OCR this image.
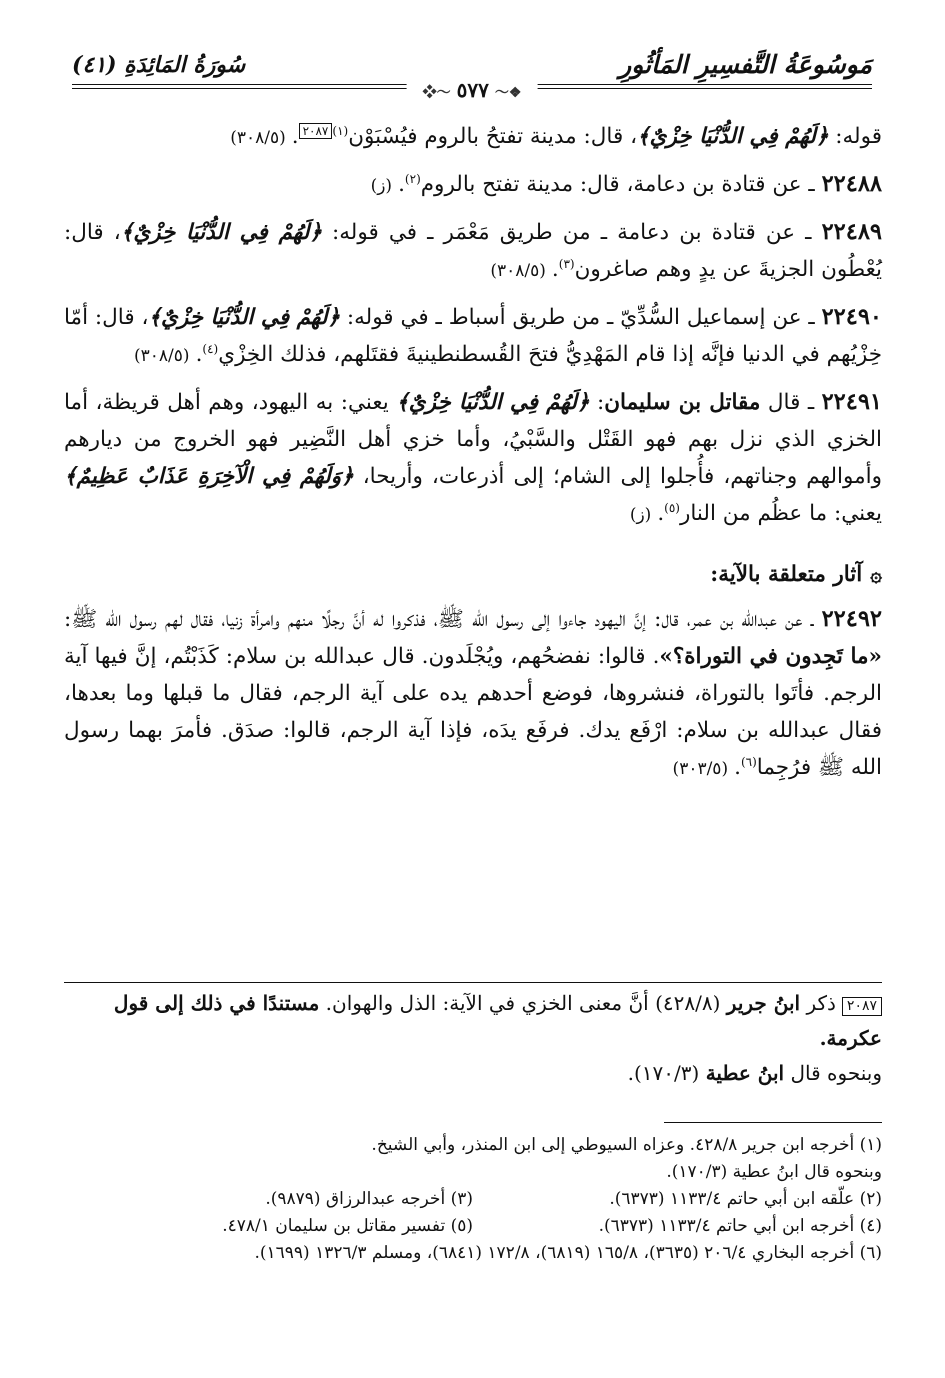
مَوسُوعَةُ التَّفسِيرِ المَأثُورِ
سُورَةُ المَائِدَةِ (٤١)
❖〜٥٧٧〜❖

قوله: ﴿لَهُمْ فِي الدُّنْيَا خِزْيٌ﴾، قال: مدينة تفتحُ بالروم فيُسْبَوْن$^{(١)}$٢٠٨٧.(٣٠٨/٥)

٢٢٤٨٨ ـ عن قتادة بن دعامة، قال: مدينة تفتح بالروم$^{(٢)}$.(ز)

٢٢٤٨٩ ـ عن قتادة بن دعامة ـ من طريق مَعْمَر ـ في قوله: ﴿لَهُمْ فِي الدُّنْيَا خِزْيٌ﴾، قال: يُعْطُون الجزيةَ عن يدٍ وهم صاغرون$^{(٣)}$.(٣٠٨/٥)

٢٢٤٩٠ ـ عن إسماعيل السُّدِّيّ ـ من طريق أسباط ـ في قوله: ﴿لَهُمْ فِي الدُّنْيَا خِزْيٌ﴾، قال: أمّا خِزْيُهم في الدنيا فإنَّه إذا قام المَهْدِيُّ فتحَ القُسطنطينيةَ فقتَلهم، فذلك الخِزْي$^{(٤)}$.(٣٠٨/٥)

٢٢٤٩١ ـ قال مقاتل بن سليمان: ﴿لَهُمْ فِي الدُّنْيَا خِزْيٌ﴾ يعني: به اليهود، وهم أهل قريظة، أما الخزي الذي نزل بهم فهو القَتْل والسَّبْيُ، وأما خزي أهل النَّضِير فهو الخروج من ديارهم وأموالهم وجناتهم، فأُجلوا إلى الشام؛ إلى أذرعات، وأريحا، ﴿وَلَهُمْ فِي الْآخِرَةِ عَذَابٌ عَظِيمٌ﴾ يعني: ما عظُم من النار$^{(٥)}$.(ز)

۞آثار متعلقة بالآية:

٢٢٤٩٢ ـ عن عبدالله بن عمر، قال: إنَّ اليهود جاءوا إلى رسول الله ﷺ، فذكروا له أنَّ رجلًا منهم وامرأة زنيا، فقال لهم رسول الله ﷺ: «ما تَجِدون في التوراة؟». قالوا: نفضحُهم، ويُجْلَدون. قال عبدالله بن سلام: كَذَبْتُم، إنَّ فيها آية الرجم. فأتَوا بالتوراة، فنشروها، فوضع أحدهم يده على آية الرجم، فقال ما قبلها وما بعدها، فقال عبدالله بن سلام: ارْفَع يدك. فرفَع يدَه، فإذا آية الرجم، قالوا: صدَق. فأمرَ بهما رسول الله ﷺ فرُجِما$^{(٦)}$.(٣٠٣/٥)

٢٠٨٧ذكر ابنُ جرير (٤٢٨/٨) أنَّ معنى الخزي في الآية: الذل والهوان. مستندًا في ذلك إلى قول عكرمة.

وبنحوه قال ابنُ عطية (١٧٠/٣).

(١) أخرجه ابن جرير ٤٢٨/٨. وعزاه السيوطي إلى ابن المنذر، وأبي الشيخ.

وبنحوه قال ابنُ عطية (١٧٠/٣).

(٢) علّقه ابن أبي حاتم ١١٣٣/٤ (٦٣٧٣).
(٣) أخرجه عبدالرزاق (٩٨٧٩).
(٤) أخرجه ابن أبي حاتم ١١٣٣/٤ (٦٣٧٣).
(٥) تفسير مقاتل بن سليمان ٤٧٨/١.

(٦) أخرجه البخاري ٢٠٦/٤ (٣٦٣٥)، ١٦٥/٨ (٦٨١٩)، ١٧٢/٨ (٦٨٤١)، ومسلم ١٣٢٦/٣ (١٦٩٩).
